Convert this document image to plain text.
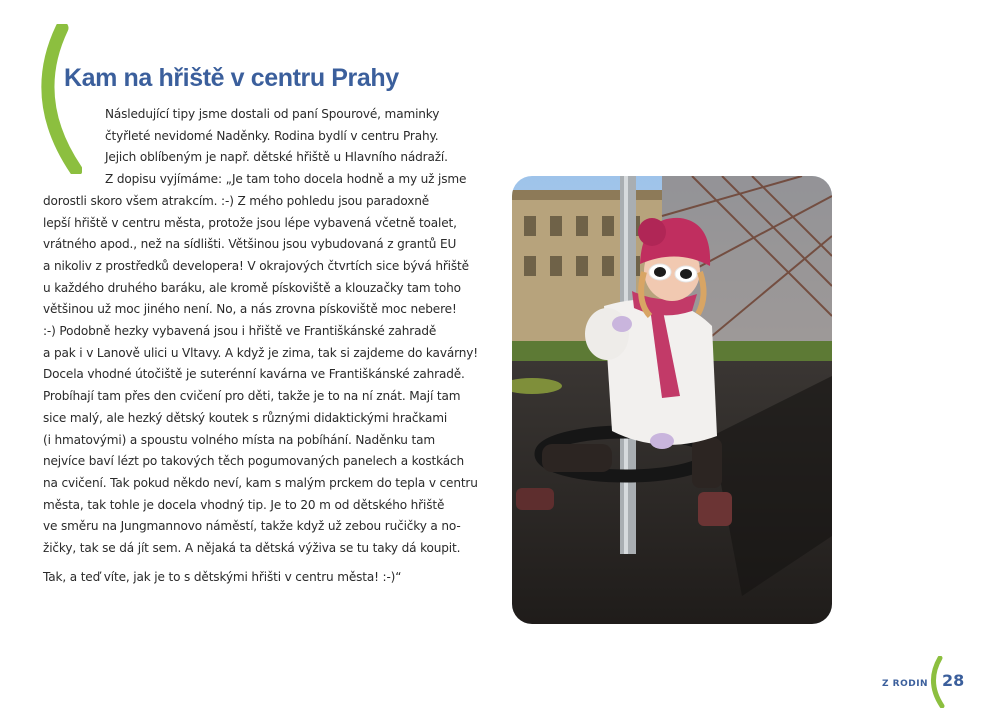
Kam na hřiště v centru Prahy
Následující tipy jsme dostali od paní Spourové, maminky
čtyřleté nevidomé Naděnky. Rodina bydlí v centru Prahy.
Jejich oblíbeným je např. dětské hřiště u Hlavního nádraží.
Z dopisu vyjímáme: „Je tam toho docela hodně a my už jsme
dorostli skoro všem atrakcím. :-) Z mého pohledu jsou paradoxně
lepší hřiště v centru města, protože jsou lépe vybavená včetně toalet,
vrátného apod., než na sídlišti. Většinou jsou vybudovaná z grantů EU
a nikoliv z prostředků developera! V okrajových čtvrtích sice bývá hřiště
u každého druhého baráku, ale kromě pískoviště a klouzačky tam toho
většinou už moc jiného není. No, a nás zrovna pískoviště moc nebere!
:-) Podobně hezky vybavená jsou i hřiště ve Františkánské zahradě
a pak i v Lanově ulici u Vltavy. A když je zima, tak si zajdeme do kavárny!
Docela vhodné útočiště je suterénní kavárna ve Františkánské zahradě.
Probíhají tam přes den cvičení pro děti, takže je to na ní znát. Mají tam
sice malý, ale hezký dětský koutek s různými didaktickými hračkami
(i hmatovými) a spoustu volného místa na pobíhání. Naděnku tam
nejvíce baví lézt po takových těch pogumovaných panelech a kostkách
na cvičení. Tak pokud někdo neví, kam s malým prckem do tepla v centru
města, tak tohle je docela vhodný tip. Je to 20 m od dětského hřiště
ve směru na Jungmannovo náměstí, takže když už zebou ručičky a no-
žičky, tak se dá jít sem. A nějaká ta dětská výživa se tu taky dá koupit.
Tak, a teď víte, jak je to s dětskými hřišti v centru města! :-)“
Z RODIN 28
